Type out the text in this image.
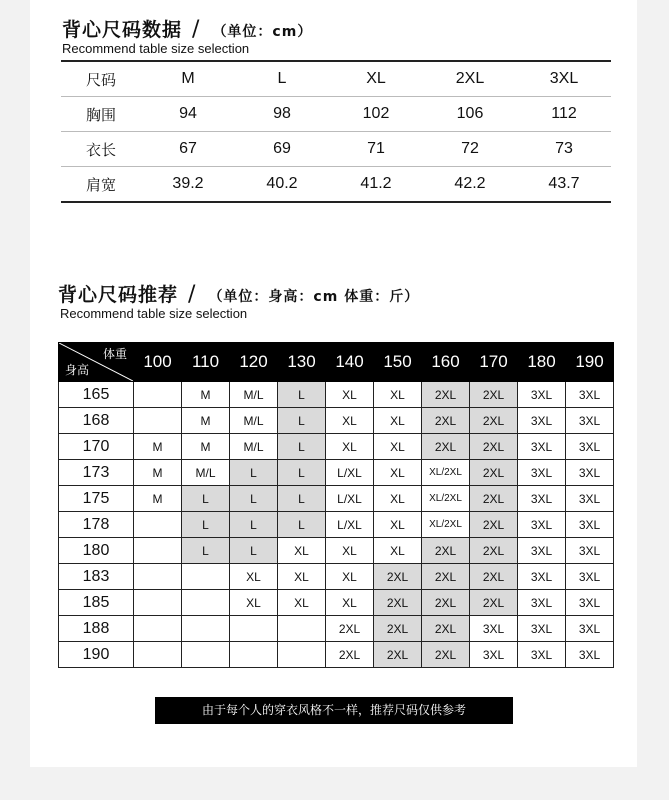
背心尺码数据 / （单位：cm）
Recommend table size selection
尺码	M	L	XL	2XL	3XL
胸围	94	98	102	106	112
衣长	67	69	71	72	73
肩宽	39.2	40.2	41.2	42.2	43.7
背心尺码推荐 / （单位：身高：cm 体重：斤）
Recommend table size selection
体重
身高	100	110	120	130	140	150	160	170	180	190
165		M	M/L	L	XL	XL	2XL	2XL	3XL	3XL
168		M	M/L	L	XL	XL	2XL	2XL	3XL	3XL
170	M	M	M/L	L	XL	XL	2XL	2XL	3XL	3XL
173	M	M/L	L	L	L/XL	XL	XL/2XL	2XL	3XL	3XL
175	M	L	L	L	L/XL	XL	XL/2XL	2XL	3XL	3XL
178		L	L	L	L/XL	XL	XL/2XL	2XL	3XL	3XL
180		L	L	XL	XL	XL	2XL	2XL	3XL	3XL
183			XL	XL	XL	2XL	2XL	2XL	3XL	3XL
185			XL	XL	XL	2XL	2XL	2XL	3XL	3XL
188					2XL	2XL	2XL	3XL	3XL	3XL
190					2XL	2XL	2XL	3XL	3XL	3XL
由于每个人的穿衣风格不一样，推荐尺码仅供参考
